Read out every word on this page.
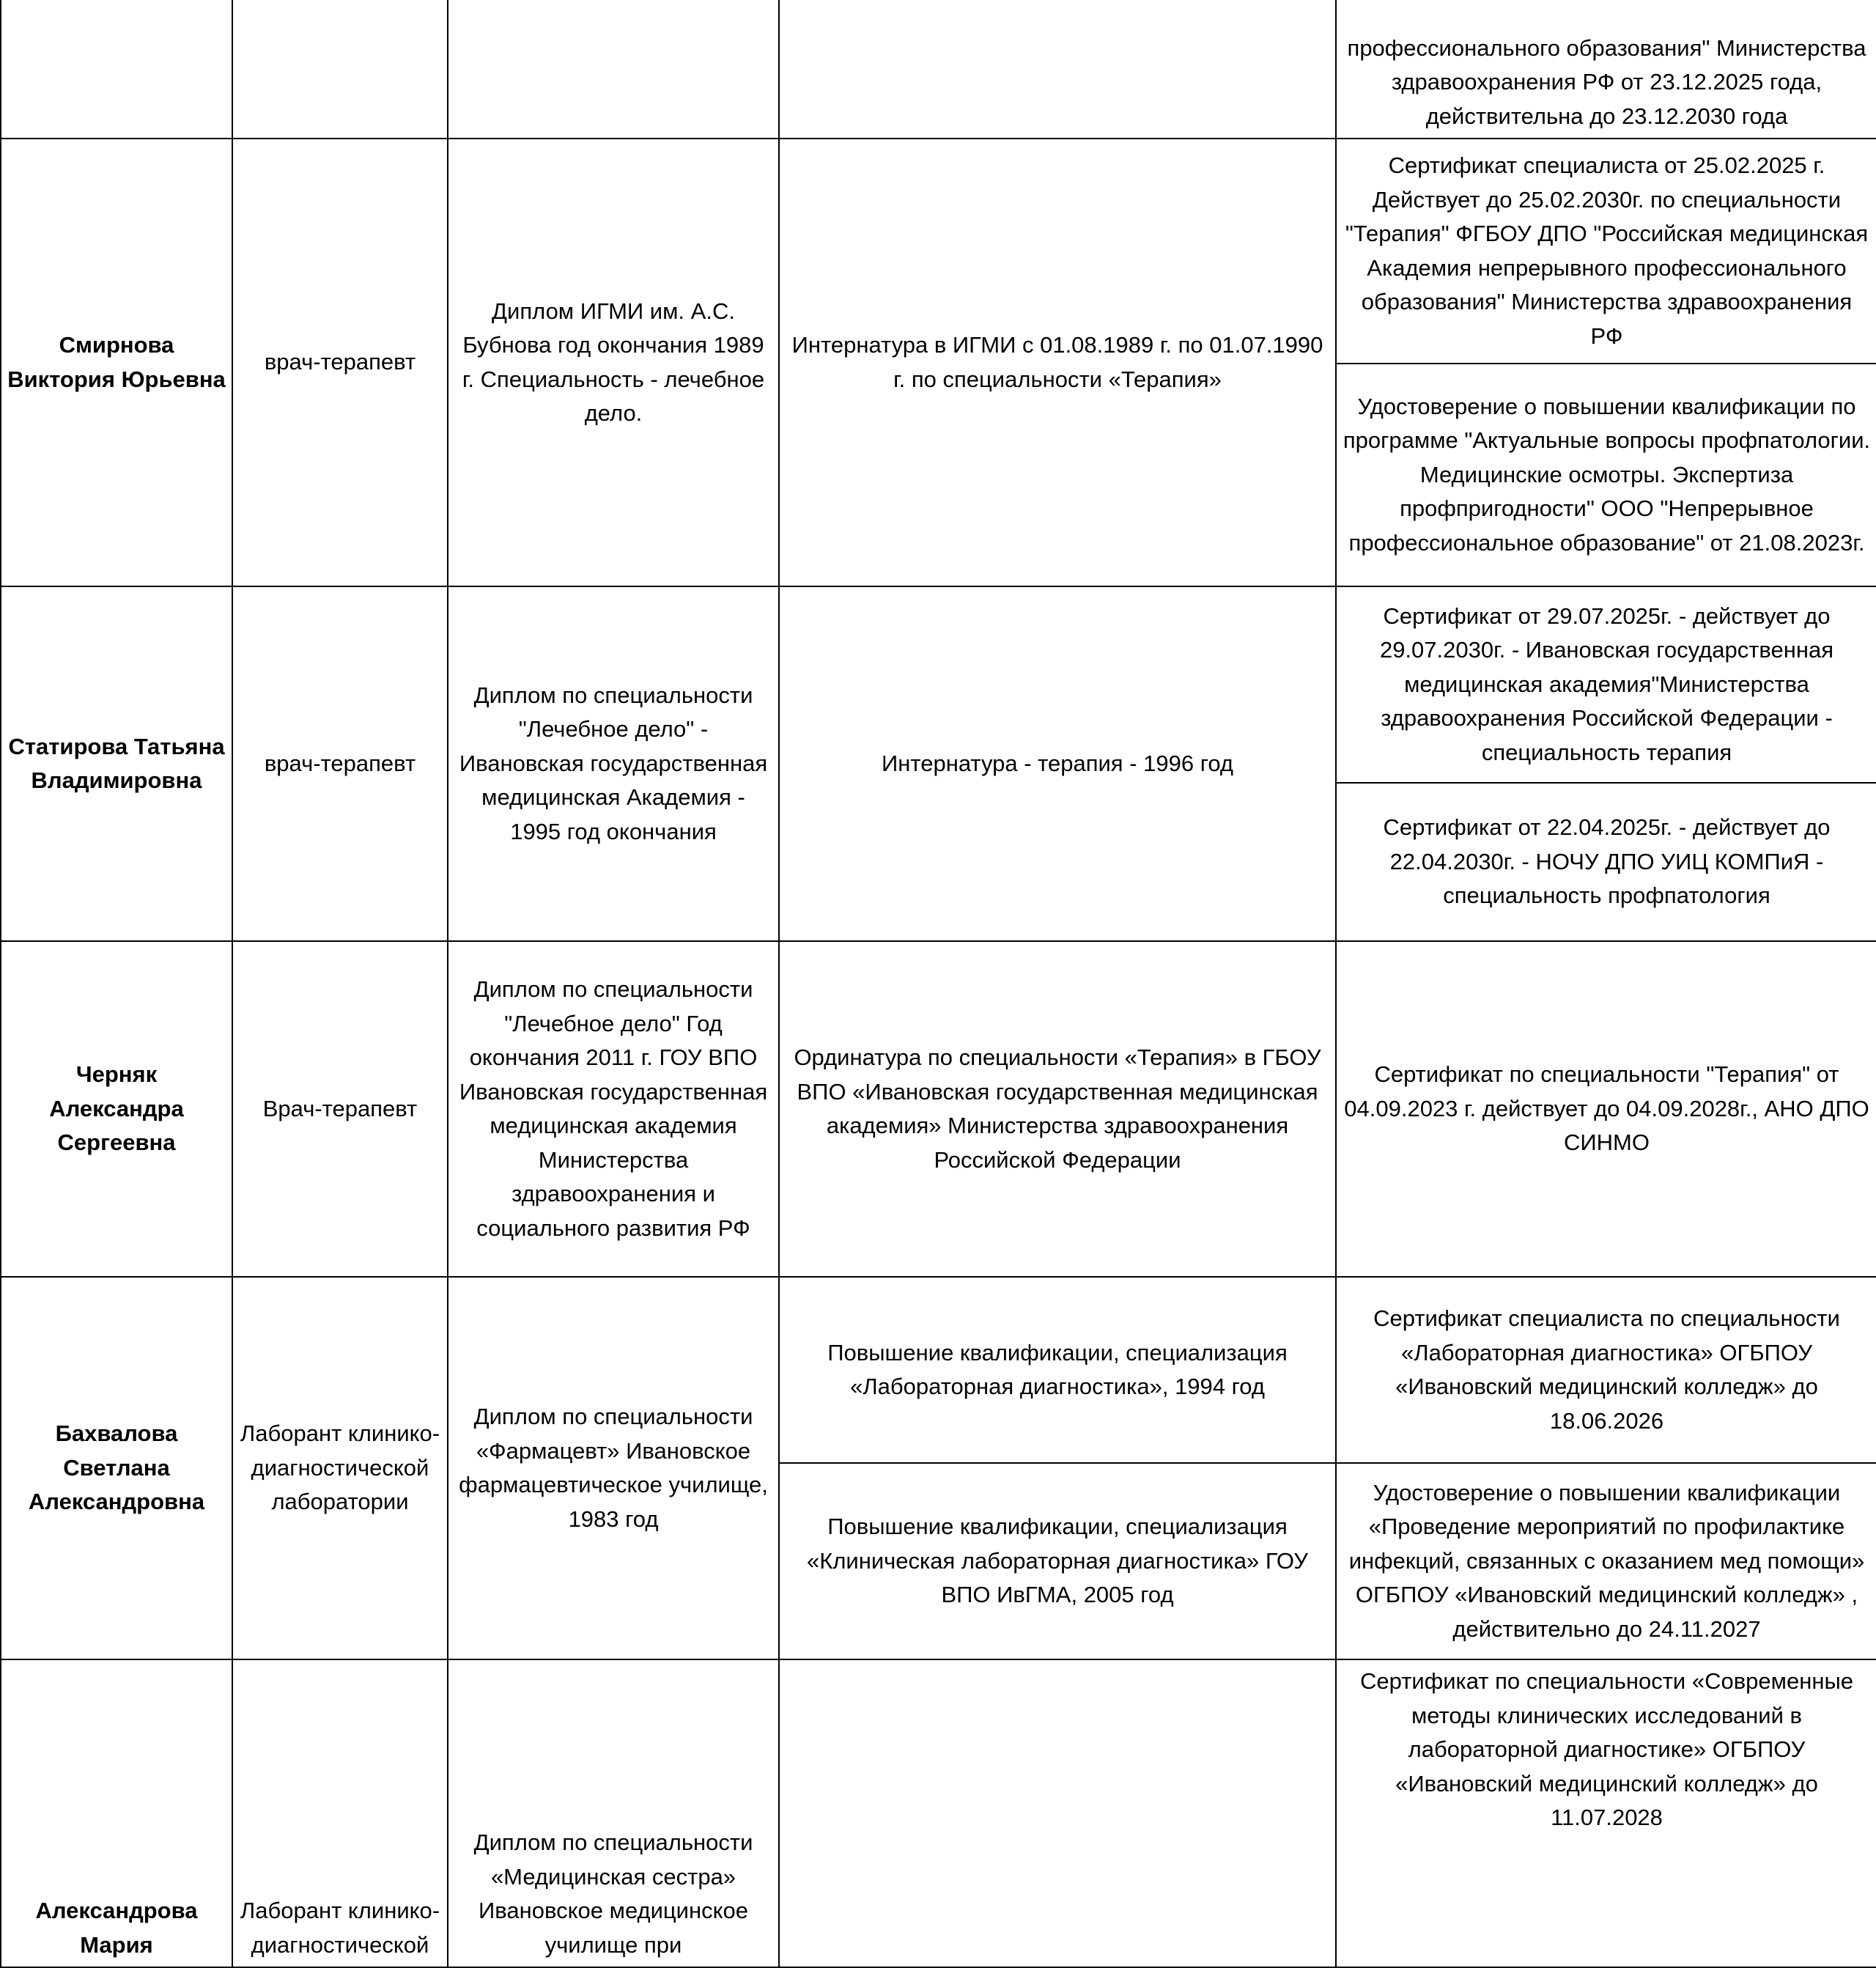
				профессионального образования" Министерства здравоохранения РФ от 23.12.2025 года, действительна до 23.12.2030 года
Смирнова Виктория Юрьевна	врач-терапевт	Диплом ИГМИ им. А.С. Бубнова год окончания 1989 г. Специальность - лечебное дело.	Интернатура в ИГМИ с 01.08.1989 г. по 01.07.1990 г. по специальности «Терапия»	Сертификат специалиста от 25.02.2025 г. Действует до 25.02.2030г. по специальности "Терапия" ФГБОУ ДПО "Российская медицинская Академия непрерывного профессионального образования" Министерства здравоохранения РФ
				Удостоверение о повышении квалификации по программе "Актуальные вопросы профпатологии. Медицинские осмотры. Экспертиза профпригодности" ООО "Непрерывное профессиональное образование" от 21.08.2023г.
Статирова Татьяна Владимировна	врач-терапевт	Диплом по специальности "Лечебное дело" - Ивановская государственная медицинская Академия - 1995 год окончания	Интернатура - терапия - 1996 год	Сертификат от 29.07.2025г. - действует до 29.07.2030г. - Ивановская государственная медицинская академия"Министерства здравоохранения Российской Федерации - специальность терапия
				Сертификат от 22.04.2025г. - действует до 22.04.2030г. - НОЧУ ДПО УИЦ КОМПиЯ - специальность профпатология
Черняк Александра Сергеевна	Врач-терапевт	Диплом по специальности "Лечебное дело" Год окончания 2011 г. ГОУ ВПО Ивановская государственная медицинская академия Министерства здравоохранения и социального развития РФ	Ординатура по специальности «Терапия» в ГБОУ ВПО «Ивановская государственная медицинская академия» Министерства здравоохранения Российской Федерации	Сертификат по специальности "Терапия" от 04.09.2023 г. действует до 04.09.2028г., АНО ДПО СИНМО
Бахвалова Светлана Александровна	Лаборант клинико-диагностической лаборатории	Диплом по специальности «Фармацевт» Ивановское фармацевтическое училище, 1983 год	Повышение квалификации, специализация «Лабораторная диагностика», 1994 год	Сертификат специалиста по специальности «Лабораторная диагностика» ОГБПОУ «Ивановский медицинский колледж» до 18.06.2026
			Повышение квалификации, специализация «Клиническая лабораторная диагностика» ГОУ ВПО ИвГМА, 2005 год	Удостоверение о повышении квалификации «Проведение мероприятий по профилактике инфекций, связанных с оказанием мед помощи» ОГБПОУ «Ивановский медицинский колледж» , действительно до 24.11.2027
Александрова Мария	Лаборант клинико-диагностической	Диплом по специальности «Медицинская сестра» Ивановское медицинское училище при		Сертификат по специальности «Современные методы клинических исследований в лабораторной диагностике» ОГБПОУ «Ивановский медицинский колледж» до 11.07.2028
